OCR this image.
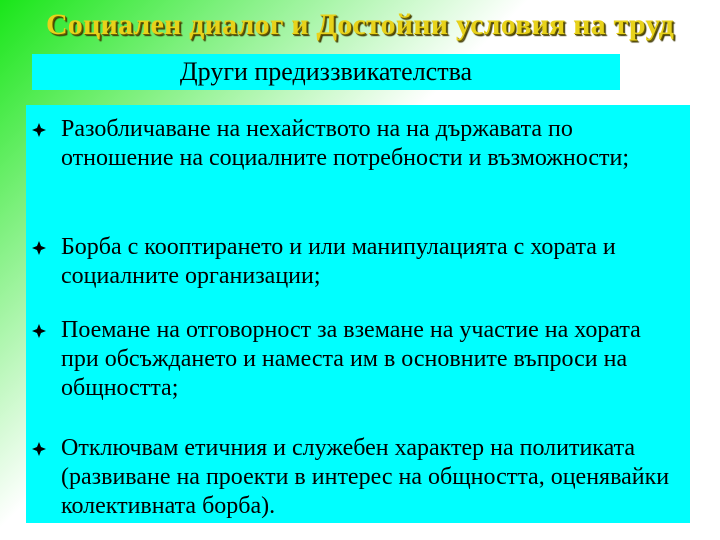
Социален диалог и Достойни условия на труд
Други предиззвикателства
Разобличаване на нехайството на на държавата по отношение на социалните потребности и възможности;
Борба с кооптирането и или манипулацията с хората и социалните организации;
Поемане на отговорност за вземане на участие на хората при обсъждането и наместа им в основните въпроси на общността;
Отключвам етичния и служебен характер на политиката (развиване на проекти в интерес на общността, оценявайки колективната борба).
